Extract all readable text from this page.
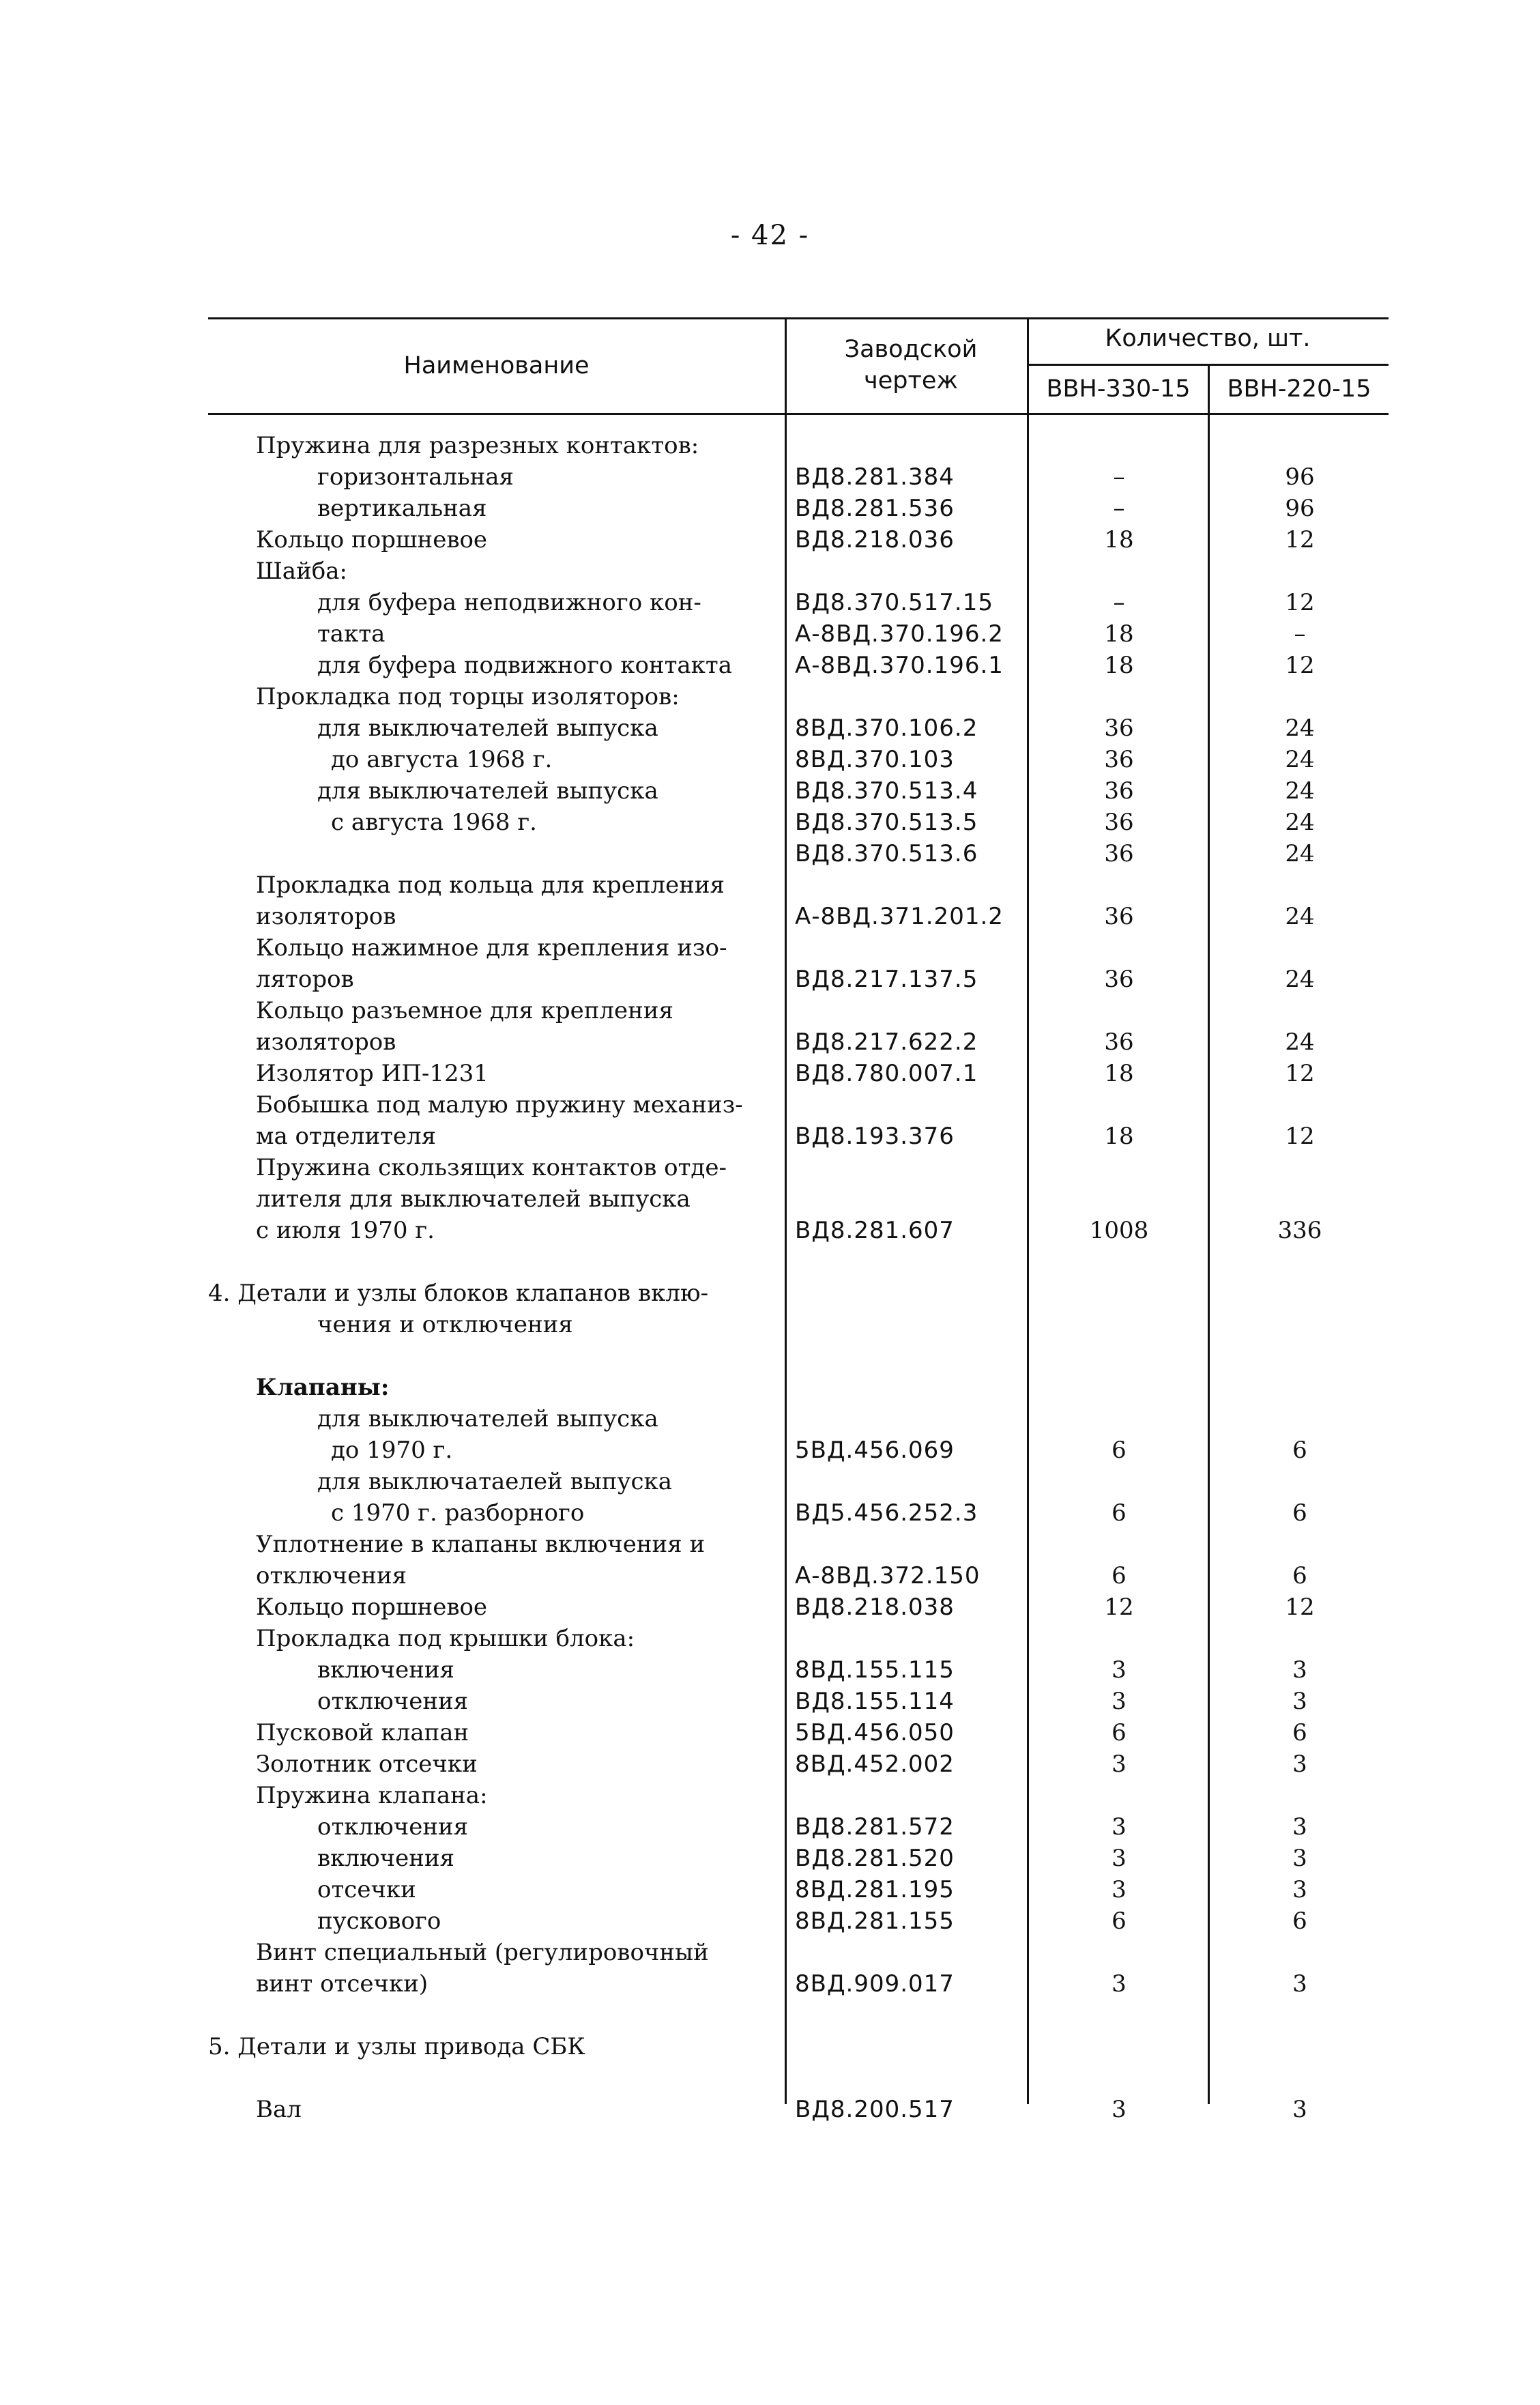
- 42 -
Наименование
Заводской чертеж
Количество, шт.
ВВН-330-15	ВВН-220-15
Пружина для разрезных контактов:
горизонтальная	ВД8.281.384	–	96
вертикальная	ВД8.281.536	–	96
Кольцо поршневое	ВД8.218.036	18	12
Шайба:
для буфера неподвижного кон-	ВД8.370.517.15	–	12
такта	А-8ВД.370.196.2	18	–
для буфера подвижного контакта	А-8ВД.370.196.1	18	12
Прокладка под торцы изоляторов:
для выключателей выпуска	8ВД.370.106.2	36	24
до августа 1968 г.	8ВД.370.103	36	24
для выключателей выпуска	ВД8.370.513.4	36	24
с августа 1968 г.	ВД8.370.513.5	36	24
ВД8.370.513.6	36	24
Прокладка под кольца для крепления
изоляторов	А-8ВД.371.201.2	36	24
Кольцо нажимное для крепления изо-
ляторов	ВД8.217.137.5	36	24
Кольцо разъемное для крепления
изоляторов	ВД8.217.622.2	36	24
Изолятор ИП-1231	ВД8.780.007.1	18	12
Бобышка под малую пружину механиз-
ма отделителя	ВД8.193.376	18	12
Пружина скользящих контактов отде-
лителя для выключателей выпуска
с июля 1970 г.	ВД8.281.607	1008	336
4. Детали и узлы блоков клапанов вклю-
чения и отключения
Клапаны:
для выключателей выпуска
до 1970 г.	5ВД.456.069	6	6
для выключатаелей выпуска
с 1970 г. разборного	ВД5.456.252.3	6	6
Уплотнение в клапаны включения и
отключения	А-8ВД.372.150	6	6
Кольцо поршневое	ВД8.218.038	12	12
Прокладка под крышки блока:
включения	8ВД.155.115	3	3
отключения	ВД8.155.114	3	3
Пусковой клапан	5ВД.456.050	6	6
Золотник отсечки	8ВД.452.002	3	3
Пружина клапана:
отключения	ВД8.281.572	3	3
включения	ВД8.281.520	3	3
отсечки	8ВД.281.195	3	3
пускового	8ВД.281.155	6	6
Винт специальный (регулировочный
винт отсечки)	8ВД.909.017	3	3
5. Детали и узлы привода СБК
Вал	ВД8.200.517	3	3
